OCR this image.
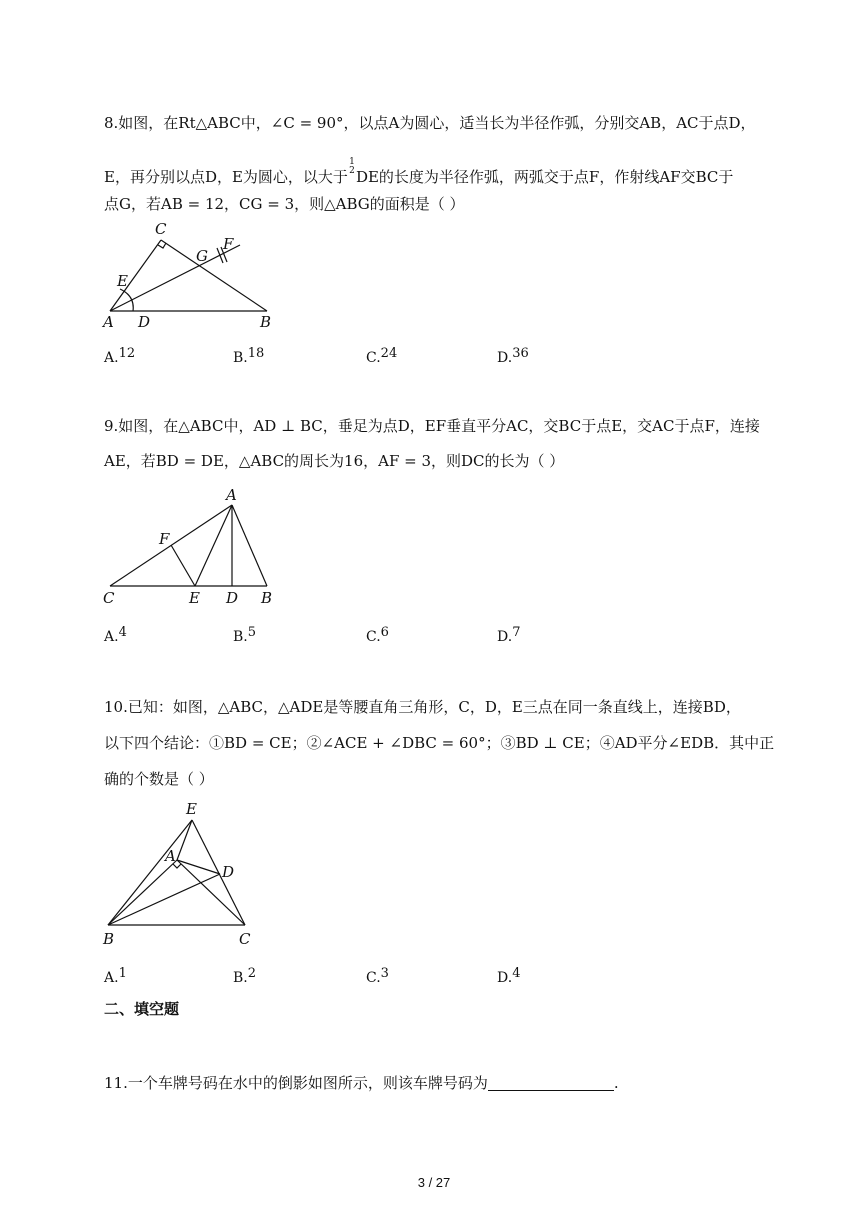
8.如图，在Rt△ABC中，∠C = 90°，以点A为圆心，适当长为半径作弧，分别交AB，AC于点D，
E，再分别以点D，E为圆心，以大于1
2DE的长度为半径作弧，两弧交于点F，作射线AF交BC于
点G，若AB = 12，CG = 3，则△ABG的面积是（ ）
C
F
G
E
A D	B
A.12	B.18	C.24	D.36
9.如图，在△ABC中，AD ⊥ BC，垂足为点D，EF垂直平分AC，交BC于点E，交AC于点F，连接
AE，若BD = DE，△ABC的周长为16，AF = 3，则DC的长为（ ）
A
F
C	E D B
A.4	B.5	C.6	D.7
10.已知：如图，△ABC，△ADE是等腰直角三角形，C，D，E三点在同一条直线上，连接BD，
以下四个结论：①BD = CE；②∠ACE + ∠DBC = 60°；③BD ⊥ CE；④AD平分∠EDB．其中正
确的个数是（ ）
E
A
D
B	C
A.1	B.2	C.3	D.4
二、填空题
11.一个车牌号码在水中的倒影如图所示，则该车牌号码为	.
3 / 27
